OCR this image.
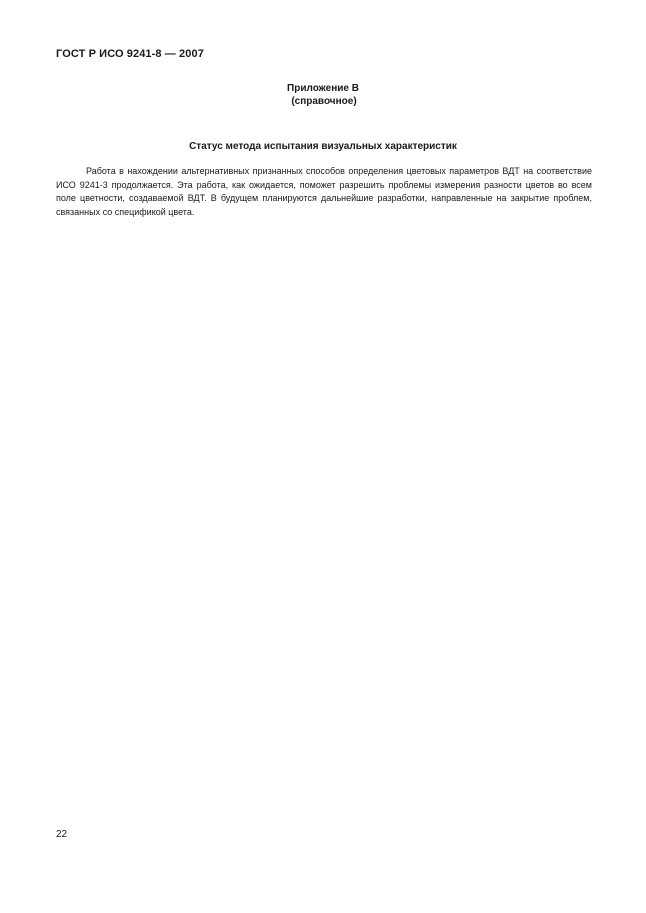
ГОСТ Р ИСО 9241-8 — 2007
Приложение В
(справочное)
Статус метода испытания визуальных характеристик

Работа в нахождении альтернативных признанных способов определения цветовых параметров ВДТ на соответствие ИСО 9241-3 продолжается. Эта работа, как ожидается, поможет разрешить проблемы измерения разности цветов во всем поле цветности, создаваемой ВДТ. В будущем планируются дальнейшие разработки, направленные на закрытие проблем, связанных со спецификой цвета.

22
